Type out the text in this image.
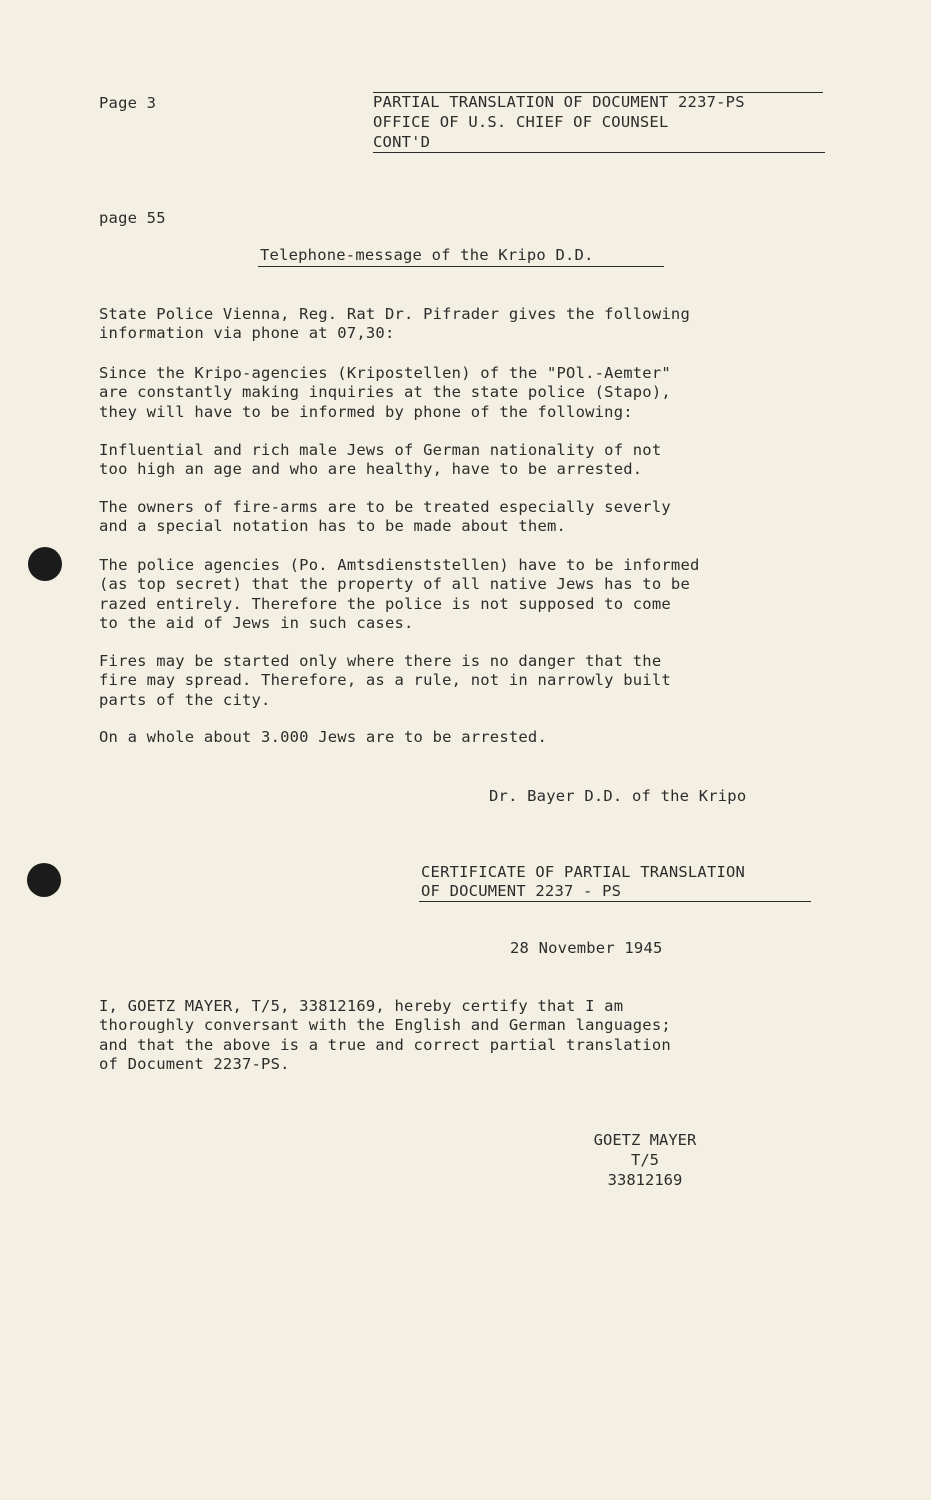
Page 3	PARTIAL TRANSLATION OF DOCUMENT 2237-PS
OFFICE OF U.S. CHIEF OF COUNSEL
CONT'D
page 55
Telephone-message of the Kripo D.D.
State Police Vienna, Reg. Rat Dr. Pifrader gives the following
information via phone at 07,30:
Since the Kripo-agencies (Kripostellen) of the "POl.-Aemter"
are constantly making inquiries at the state police (Stapo),
they will have to be informed by phone of the following:
Influential and rich male Jews of German nationality of not
too high an age and who are healthy, have to be arrested.
The owners of fire-arms are to be treated especially severly
and a special notation has to be made about them.
The police agencies (Po. Amtsdienststellen) have to be informed
(as top secret) that the property of all native Jews has to be
razed entirely. Therefore the police is not supposed to come
to the aid of Jews in such cases.
Fires may be started only where there is no danger that the
fire may spread. Therefore, as a rule, not in narrowly built
parts of the city.
On a whole about 3.000 Jews are to be arrested.
Dr. Bayer D.D. of the Kripo
CERTIFICATE OF PARTIAL TRANSLATION
OF DOCUMENT 2237 - PS
28 November 1945
I, GOETZ MAYER, T/5, 33812169, hereby certify that I am
thoroughly conversant with the English and German languages;
and that the above is a true and correct partial translation
of Document 2237-PS.
GOETZ MAYER
T/5
33812169
